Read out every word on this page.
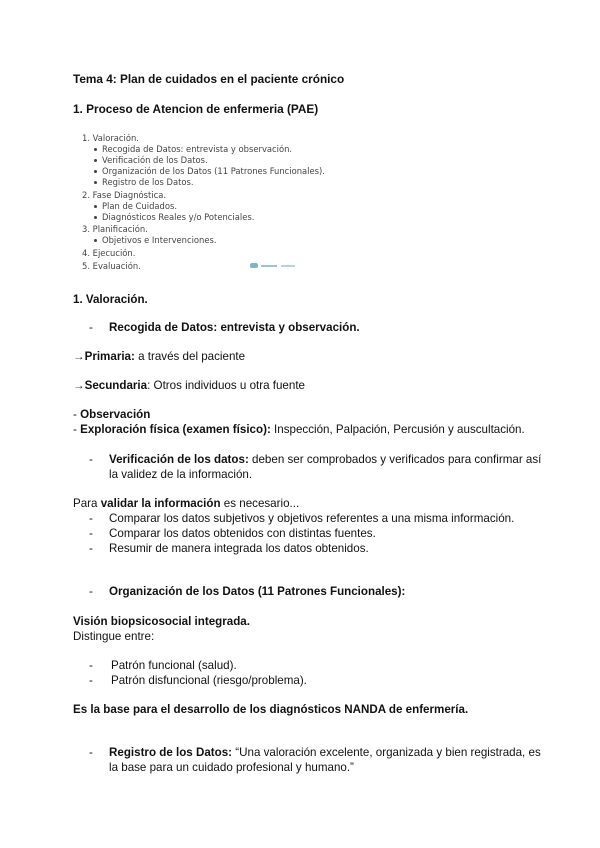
Tema 4: Plan de cuidados en el paciente crónico
1. Proceso de Atencion de enfermeria (PAE)
1. Valoración.
Recogida de Datos: entrevista y observación.
Verificación de los Datos.
Organización de los Datos (11 Patrones Funcionales).
Registro de los Datos.
2. Fase Diagnóstica.
Plan de Cuidados.
Diagnósticos Reales y/o Potenciales.
3. Planificación.
Objetivos e Intervenciones.
4. Ejecución.
5. Evaluación.
1. Valoración.
- Recogida de Datos: entrevista y observación.
→Primaria: a través del paciente
→Secundaria: Otros individuos u otra fuente
- Observación
- Exploración física (examen físico): Inspección, Palpación, Percusión y auscultación.
- Verificación de los datos: deben ser comprobados y verificados para confirmar así
la validez de la información.
Para validar la información es necesario...
- Comparar los datos subjetivos y objetivos referentes a una misma información.
- Comparar los datos obtenidos con distintas fuentes.
- Resumir de manera integrada los datos obtenidos.
- Organización de los Datos (11 Patrones Funcionales):
Visión biopsicosocial integrada.
Distingue entre:
- Patrón funcional (salud).
- Patrón disfuncional (riesgo/problema).
Es la base para el desarrollo de los diagnósticos NANDA de enfermería.
- Registro de los Datos: “Una valoración excelente, organizada y bien registrada, es
la base para un cuidado profesional y humano.”
